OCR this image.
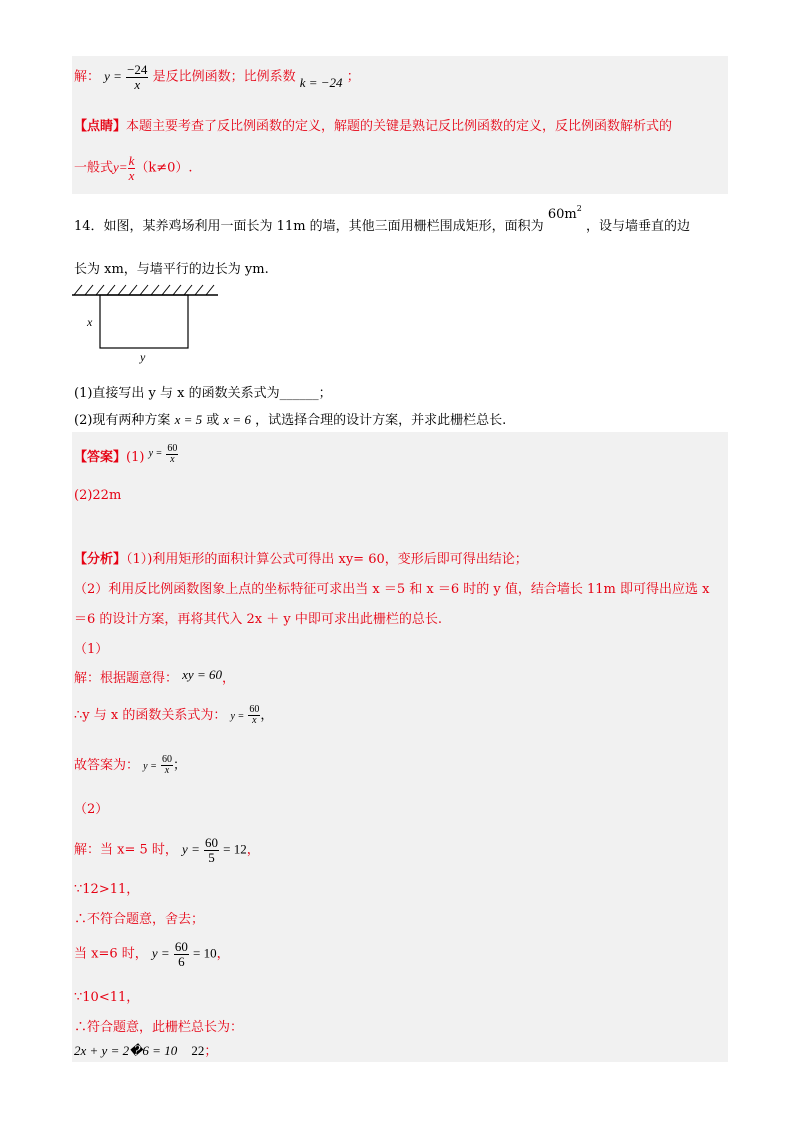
解： $y = \frac{-24}{x}$ 是反比例函数；比例系数 k = −24 ；
【点睛】本题主要考查了反比例函数的定义，解题的关键是熟记反比例函数的定义，反比例函数解析式的
一般式$y= \frac{k}{x} (k\ne 0)$.
14．如图，某养鸡场利用一面长为 11m 的墙，其他三面用栅栏围成矩形，面积为 $60m^2$ ，设与墙垂直的边
长为 xm，与墙平行的边长为 ym.
x
y
(1)直接写出 y 与 x 的函数关系式为______；
(2)现有两种方案 x = 5 或 x = 6 ，试选择合理的设计方案，并求此栅栏总长.
【答案】(1) $^{y =} \frac{60}{x}$
(2)22m
【分析】（1）)利用矩形的面积计算公式可得出 xy= 60，变形后即可得出结论；
（2）利用反比例函数图象上点的坐标特征可求出当 x ＝5 和 x ＝6 时的 y 值，结合墙长 11m 即可得出应选 x
＝6 的设计方案，再将其代入 2x ＋ y 中即可求出此栅栏的总长.
（1）
解：根据题意得： xy = 60，
∴y 与 x 的函数关系式为： $y = \frac{60}{x}$ ，
故答案为： $y = \frac{60}{x}$ ；
（2）
解：当 x= 5 时， $y = \frac{60}{5} = 12$，
∵12>11，
∴不符合题意，舍去；
当 x=6 时， $y = \frac{60}{6} = 10$，
∵10<11，
∴符合题意，此栅栏总长为：
2x + y = 2�6 = 10 22；
